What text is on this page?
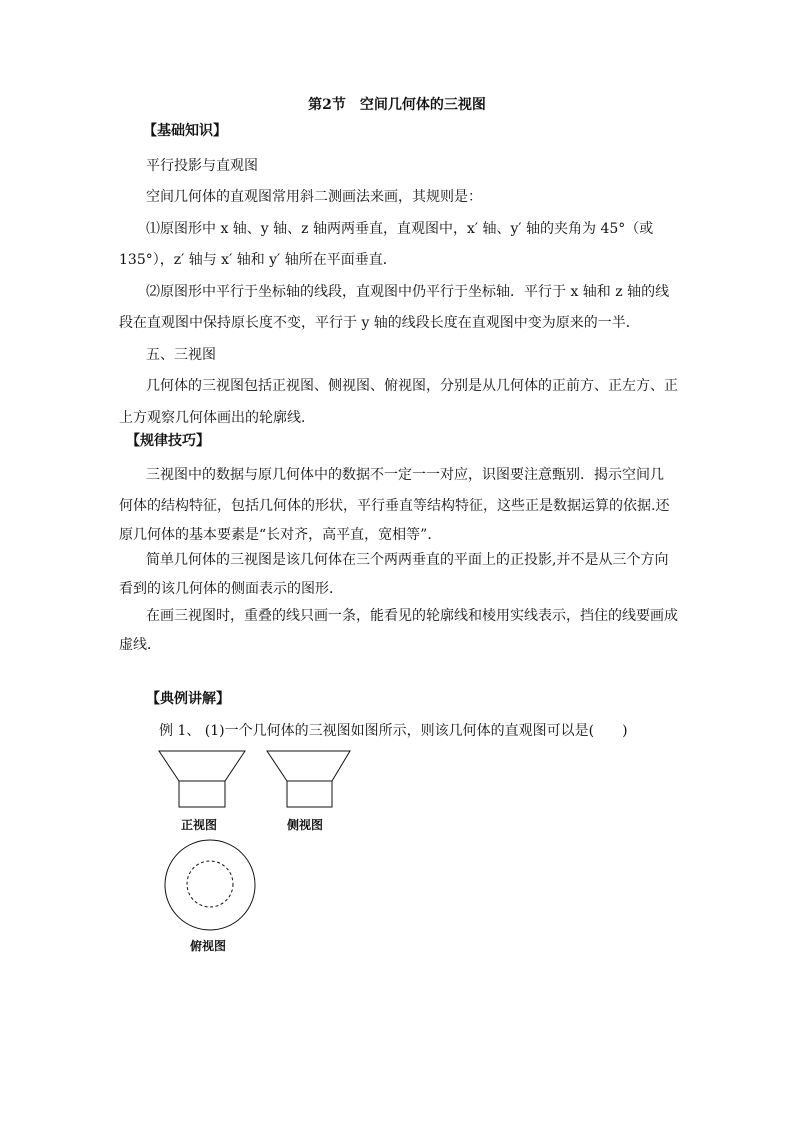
第2节　空间几何体的三视图
【基础知识】
平行投影与直观图
空间几何体的直观图常用斜二测画法来画，其规则是：
⑴原图形中 x 轴、y 轴、z 轴两两垂直，直观图中，x′ 轴、y′ 轴的夹角为 45°（或
135°），z′ 轴与 x′ 轴和 y′ 轴所在平面垂直．
⑵原图形中平行于坐标轴的线段，直观图中仍平行于坐标轴．平行于 x 轴和 z 轴的线
段在直观图中保持原长度不变，平行于 y 轴的线段长度在直观图中变为原来的一半．
五、三视图
几何体的三视图包括正视图、侧视图、俯视图，分别是从几何体的正前方、正左方、正
上方观察几何体画出的轮廓线．
【规律技巧】
三视图中的数据与原几何体中的数据不一定一一对应，识图要注意甄别．揭示空间几
何体的结构特征，包括几何体的形状，平行垂直等结构特征，这些正是数据运算的依据.还
原几何体的基本要素是“长对齐，高平直，宽相等”．
简单几何体的三视图是该几何体在三个两两垂直的平面上的正投影,并不是从三个方向
看到的该几何体的侧面表示的图形．
在画三视图时，重叠的线只画一条，能看见的轮廓线和棱用实线表示，挡住的线要画成
虚线．
【典例讲解】
例 1、 (1)一个几何体的三视图如图所示，则该几何体的直观图可以是(　　)
正视图	侧视图
俯视图
